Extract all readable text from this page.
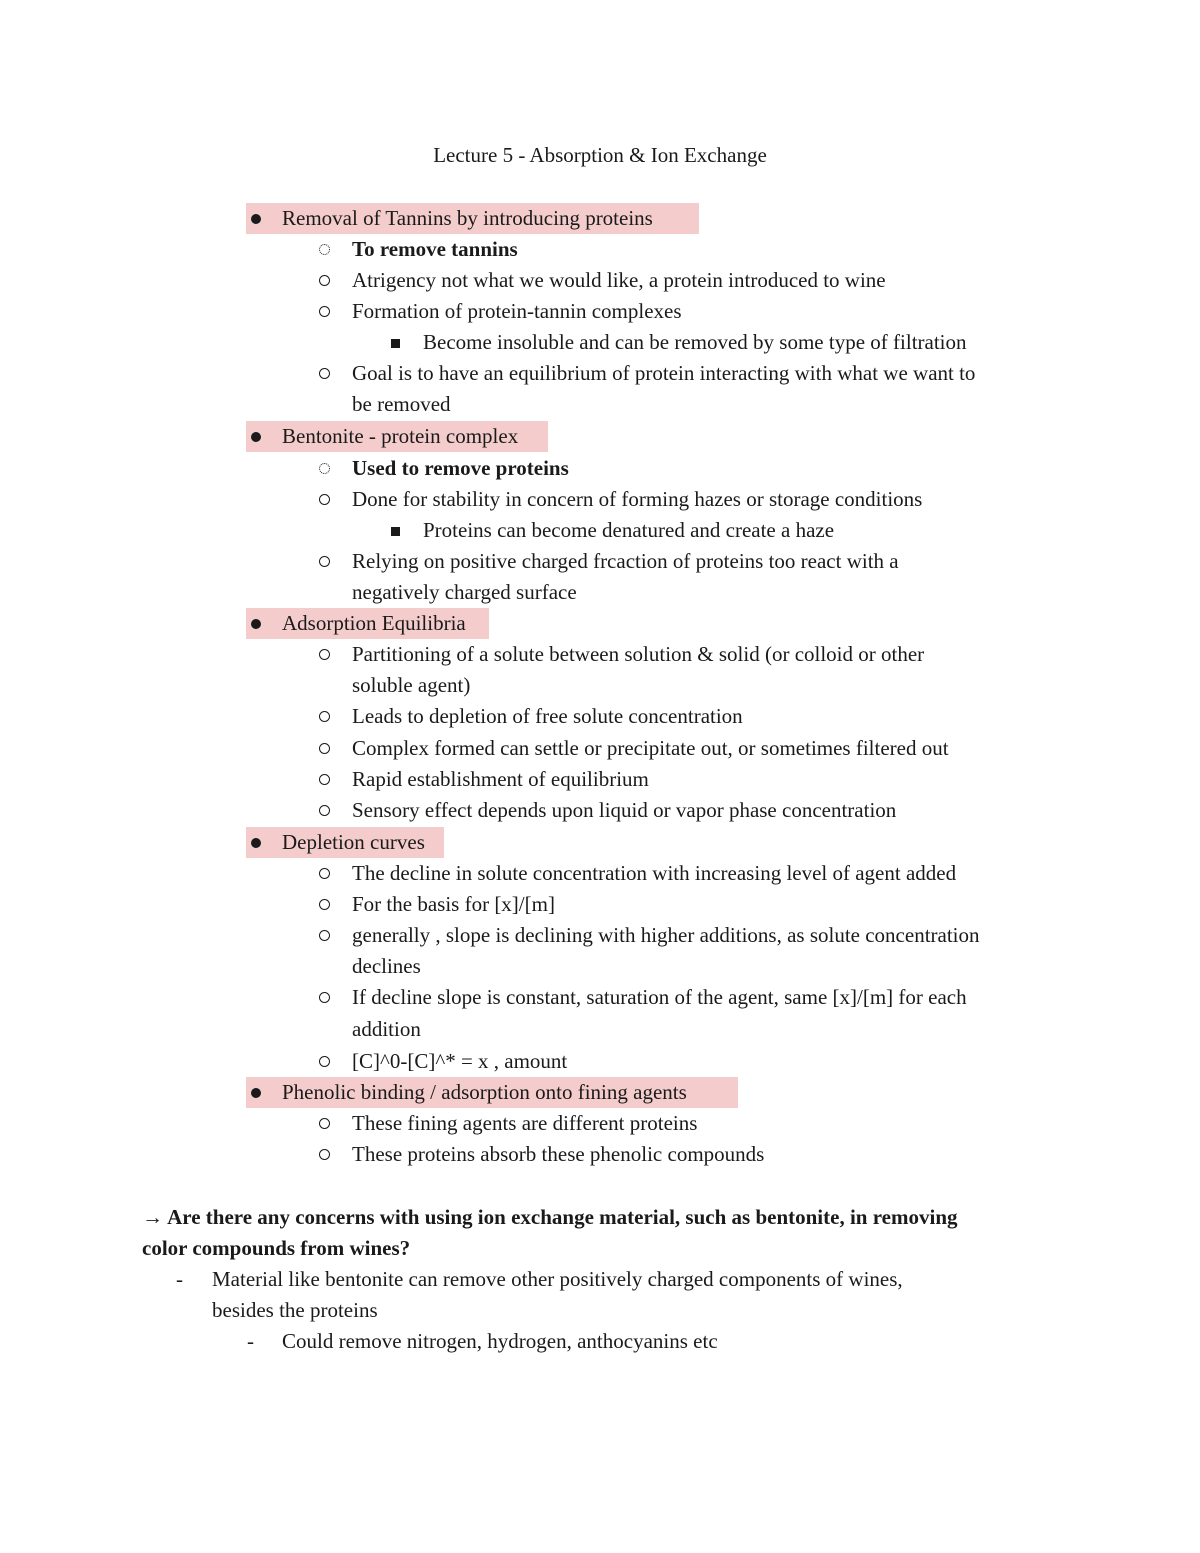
Lecture 5 - Absorption & Ion Exchange
Removal of Tannins by introducing proteins
To remove tannins
Atrigency not what we would like, a protein introduced to wine
Formation of protein-tannin complexes
Become insoluble and can be removed by some type of filtration
Goal is to have an equilibrium of protein interacting with what we want to
be removed
Bentonite - protein complex
Used to remove proteins
Done for stability in concern of forming hazes or storage conditions
Proteins can become denatured and create a haze
Relying on positive charged frcaction of proteins too react with a
negatively charged surface
Adsorption Equilibria
Partitioning of a solute between solution & solid (or colloid or other
soluble agent)
Leads to depletion of free solute concentration
Complex formed can settle or precipitate out, or sometimes filtered out
Rapid establishment of equilibrium
Sensory effect depends upon liquid or vapor phase concentration
Depletion curves
The decline in solute concentration with increasing level of agent added
For the basis for [x]/[m]
generally , slope is declining with higher additions, as solute concentration
declines
If decline slope is constant, saturation of the agent, same [x]/[m] for each
addition
[C]^0-[C]^* = x , amount
Phenolic binding / adsorption onto fining agents
These fining agents are different proteins
These proteins absorb these phenolic compounds
→ Are there any concerns with using ion exchange material, such as bentonite, in removing
color compounds from wines?
- Material like bentonite can remove other positively charged components of wines,
besides the proteins
- Could remove nitrogen, hydrogen, anthocyanins etc
